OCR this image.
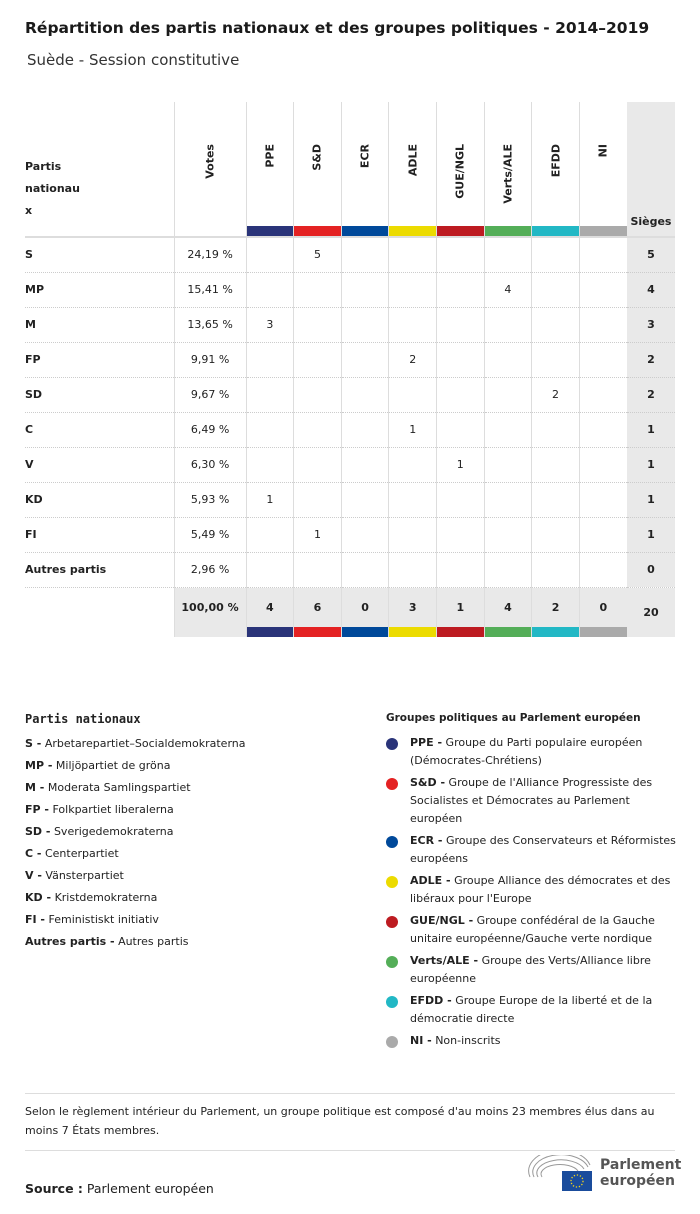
Répartition des partis nationaux et des groupes politiques - 2014–2019
Suède - Session constitutive
Partis nationau x	Votes	PPE	S&D	ECR	ADLE	GUE/NGL	Verts/ALE	EFDD	NI	Sièges
S	24,19 %		5							5
MP	15,41 %						4			4
M	13,65 %	3								3
FP	9,91 %				2					2
SD	9,67 %							2		2
C	6,49 %				1					1
V	6,30 %					1				1
KD	5,93 %	1								1
FI	5,49 %		1							1
Autres partis	2,96 %									0
	100,00 %	4	6	0	3	1	4	2	0	20
Partis nationaux
S - Arbetarepartiet–Socialdemokraterna
MP - Miljöpartiet de gröna
M - Moderata Samlingspartiet
FP - Folkpartiet liberalerna
SD - Sverigedemokraterna
C - Centerpartiet
V - Vänsterpartiet
KD - Kristdemokraterna
FI - Feministiskt initiativ
Autres partis - Autres partis
Groupes politiques au Parlement européen
PPE - Groupe du Parti populaire européen (Démocrates-Chrétiens)
S&D - Groupe de l'Alliance Progressiste des Socialistes et Démocrates au Parlement européen
ECR - Groupe des Conservateurs et Réformistes européens
ADLE - Groupe Alliance des démocrates et des libéraux pour l'Europe
GUE/NGL - Groupe confédéral de la Gauche unitaire européenne/Gauche verte nordique
Verts/ALE - Groupe des Verts/Alliance libre européenne
EFDD - Groupe Europe de la liberté et de la démocratie directe
NI - Non-inscrits
Selon le règlement intérieur du Parlement, un groupe politique est composé d'au moins 23 membres élus dans au moins 7 États membres.
Source : Parlement européen
Parlement
européen
